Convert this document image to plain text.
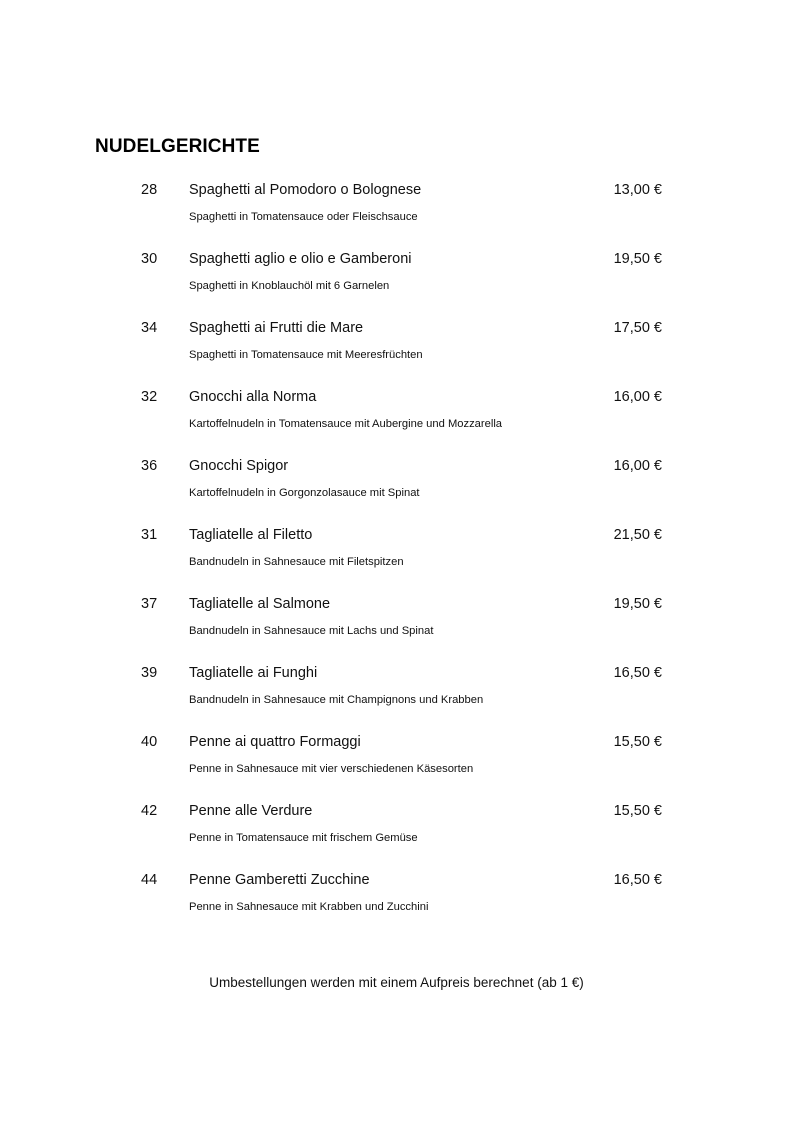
NUDELGERICHTE
28 Spaghetti al Pomodoro o Bolognese	13,00 €
Spaghetti in Tomatensauce oder Fleischsauce
30 Spaghetti aglio e olio e Gamberoni	19,50 €
Spaghetti in Knoblauchöl mit 6 Garnelen
34 Spaghetti ai Frutti die Mare	17,50 €
Spaghetti in Tomatensauce mit Meeresfrüchten
32 Gnocchi alla Norma	16,00 €
Kartoffelnudeln in Tomatensauce mit Aubergine und Mozzarella
36 Gnocchi Spigor	16,00 €
Kartoffelnudeln in Gorgonzolasauce mit Spinat
31 Tagliatelle al Filetto	21,50 €
Bandnudeln in Sahnesauce mit Filetspitzen
37 Tagliatelle al Salmone	19,50 €
Bandnudeln in Sahnesauce mit Lachs und Spinat
39 Tagliatelle ai Funghi	16,50 €
Bandnudeln in Sahnesauce mit Champignons und Krabben
40 Penne ai quattro Formaggi	15,50 €
Penne in Sahnesauce mit vier verschiedenen Käsesorten
42 Penne alle Verdure	15,50 €
Penne in Tomatensauce mit frischem Gemüse
44 Penne Gamberetti Zucchine	16,50 €
Penne in Sahnesauce mit Krabben und Zucchini
Umbestellungen werden mit einem Aufpreis berechnet (ab 1 €)
